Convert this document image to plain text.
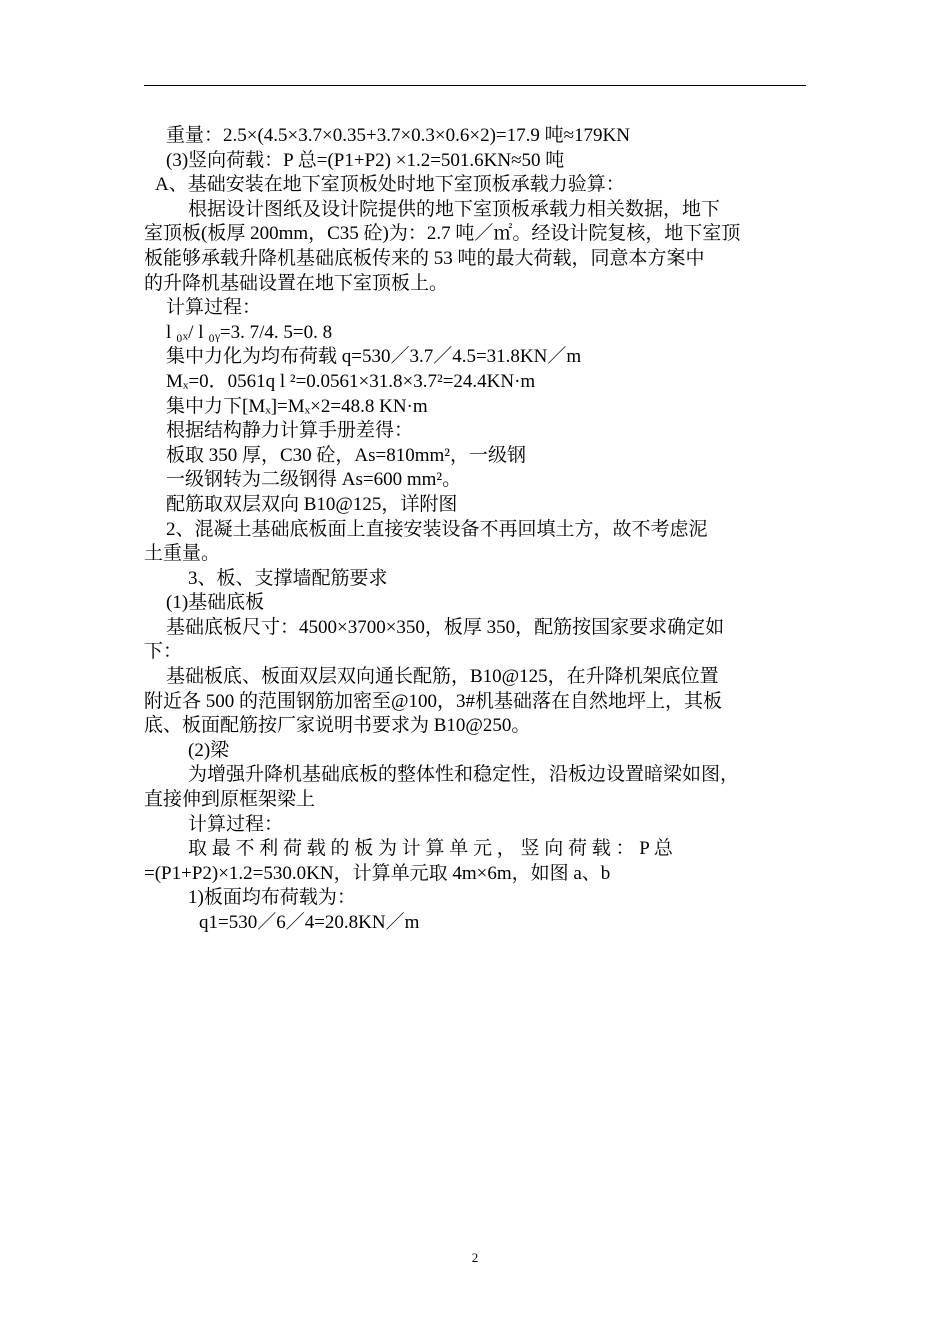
重量：2.5×(4.5×3.7×0.35+3.7×0.3×0.6×2)=17.9 吨≈179KN

(3)竖向荷载：P 总=(P1+P2) ×1.2=501.6KN≈50 吨

A、基础安装在地下室顶板处时地下室顶板承载力验算：

根据设计图纸及设计院提供的地下室顶板承载力相关数据，地下

室顶板(板厚 200mm，C35 砼)为：2.7 吨／㎡。经设计院复核，地下室顶

板能够承载升降机基础底板传来的 53 吨的最大荷载，同意本方案中

的升降机基础设置在地下室顶板上。

计算过程：

l ₀ₓ/ l ₀ᵧ=3. 7/4. 5=0. 8

集中力化为均布荷载 q=530／3.7／4.5=31.8KN／m

Mₓ=0．0561q l ²=0.0561×31.8×3.7²=24.4KN·m

集中力下[Mₓ]=Mₓ×2=48.8 KN·m

根据结构静力计算手册差得：

板取 350 厚，C30 砼，As=810mm²，一级钢

一级钢转为二级钢得 As=600 mm²。

配筋取双层双向 B10@125，详附图

2、混凝土基础底板面上直接安装设备不再回填土方，故不考虑泥

土重量。

3、板、支撑墙配筋要求

(1)基础底板

基础底板尺寸：4500×3700×350，板厚 350，配筋按国家要求确定如

下：

基础板底、板面双层双向通长配筋，B10@125，在升降机架底位置

附近各 500 的范围钢筋加密至@100，3#机基础落在自然地坪上，其板

底、板面配筋按厂家说明书要求为 B10@250。

(2)梁

为增强升降机基础底板的整体性和稳定性，沿板边设置暗梁如图，

直接伸到原框架梁上

计算过程：

取 最 不 利 荷 载 的 板 为 计 算 单 元 ， 竖 向 荷 载 ： P 总

=(P1+P2)×1.2=530.0KN，计算单元取 4m×6m，如图 a、b

1)板面均布荷载为：

q1=530／6／4=20.8KN／m

2
